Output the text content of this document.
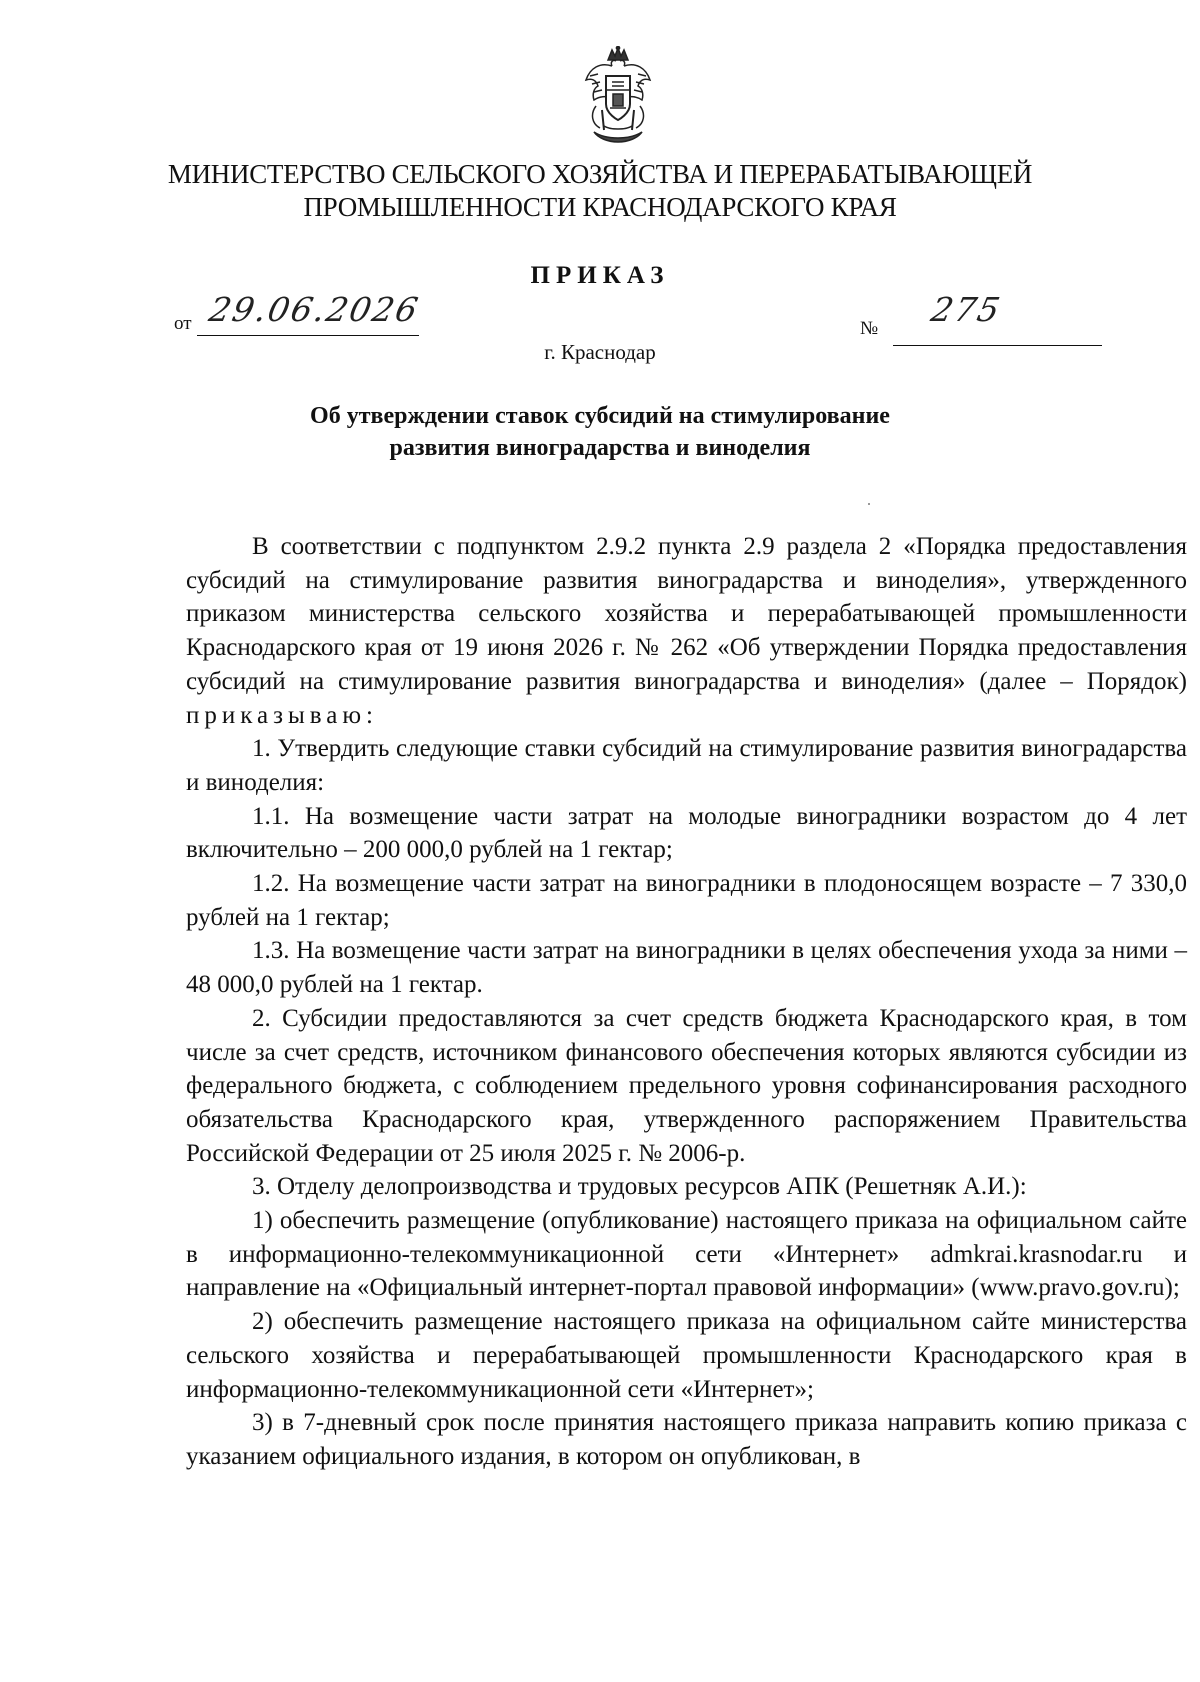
МИНИСТЕРСТВО СЕЛЬСКОГО ХОЗЯЙСТВА И ПЕРЕРАБАТЫВАЮЩЕЙ
ПРОМЫШЛЕННОСТИ КРАСНОДАРСКОГО КРАЯ
ПРИКАЗ
от 29.06.2026	№ 275
г. Краснодар
Об утверждении ставок субсидий на стимулирование
развития виноградарства и виноделия

В соответствии с подпунктом 2.9.2 пункта 2.9 раздела 2 «Порядка предоставления субсидий на стимулирование развития виноградарства и виноделия», утвержденного приказом министерства сельского хозяйства и перерабатывающей промышленности Краснодарского края от 19 июня 2026 г. № 262 «Об утверждении Порядка предоставления субсидий на стимулирование развития виноградарства и виноделия» (далее – Порядок) приказываю:

1. Утвердить следующие ставки субсидий на стимулирование развития виноградарства и виноделия:

1.1. На возмещение части затрат на молодые виноградники возрастом до 4 лет включительно – 200 000,0 рублей на 1 гектар;

1.2. На возмещение части затрат на виноградники в плодоносящем возрасте – 7 330,0 рублей на 1 гектар;

1.3. На возмещение части затрат на виноградники в целях обеспечения ухода за ними – 48 000,0 рублей на 1 гектар.

2. Субсидии предоставляются за счет средств бюджета Краснодарского края, в том числе за счет средств, источником финансового обеспечения которых являются субсидии из федерального бюджета, с соблюдением предельного уровня софинансирования расходного обязательства Краснодарского края, утвержденного распоряжением Правительства Российской Федерации от 25 июля 2025 г. № 2006-р.

3. Отделу делопроизводства и трудовых ресурсов АПК (Решетняк А.И.):

1) обеспечить размещение (опубликование) настоящего приказа на официальном сайте в информационно-телекоммуникационной сети «Интернет» admkrai.krasnodar.ru и направление на «Официальный интернет-портал правовой информации» (www.pravo.gov.ru);

2) обеспечить размещение настоящего приказа на официальном сайте министерства сельского хозяйства и перерабатывающей промышленности Краснодарского края в информационно-телекоммуникационной сети «Интернет»;

3) в 7-дневный срок после принятия настоящего приказа направить копию приказа с указанием официального издания, в котором он опубликован, в
